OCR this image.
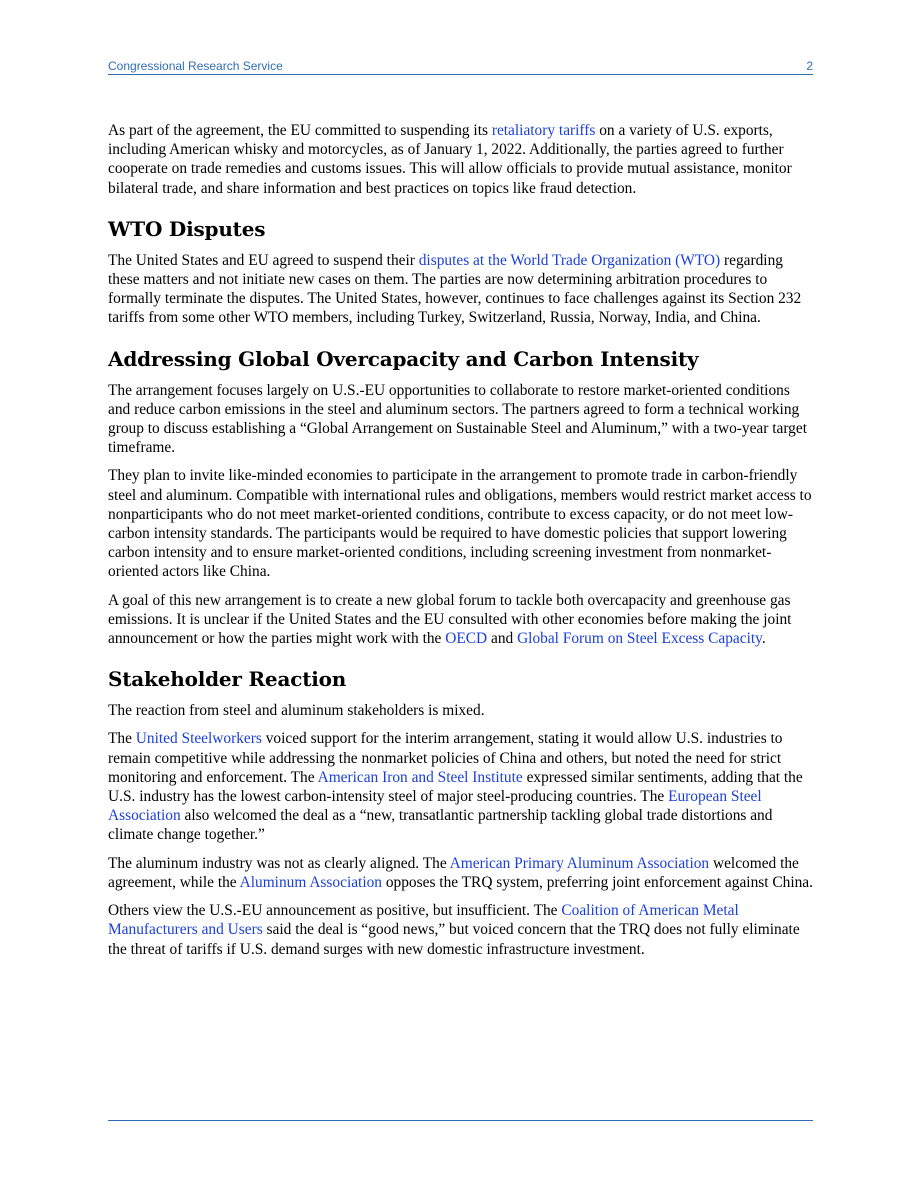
Congressional Research Service	2

As part of the agreement, the EU committed to suspending its retaliatory tariffs on a variety of U.S. exports, including American whisky and motorcycles, as of January 1, 2022. Additionally, the parties agreed to further cooperate on trade remedies and customs issues. This will allow officials to provide mutual assistance, monitor bilateral trade, and share information and best practices on topics like fraud detection.

WTO Disputes

The United States and EU agreed to suspend their disputes at the World Trade Organization (WTO) regarding these matters and not initiate new cases on them. The parties are now determining arbitration procedures to formally terminate the disputes. The United States, however, continues to face challenges against its Section 232 tariffs from some other WTO members, including Turkey, Switzerland, Russia, Norway, India, and China.

Addressing Global Overcapacity and Carbon Intensity

The arrangement focuses largely on U.S.-EU opportunities to collaborate to restore market-oriented conditions and reduce carbon emissions in the steel and aluminum sectors. The partners agreed to form a technical working group to discuss establishing a “Global Arrangement on Sustainable Steel and Aluminum,” with a two-year target timeframe.

They plan to invite like-minded economies to participate in the arrangement to promote trade in carbon-friendly steel and aluminum. Compatible with international rules and obligations, members would restrict market access to nonparticipants who do not meet market-oriented conditions, contribute to excess capacity, or do not meet low-carbon intensity standards. The participants would be required to have domestic policies that support lowering carbon intensity and to ensure market-oriented conditions, including screening investment from nonmarket-oriented actors like China.

A goal of this new arrangement is to create a new global forum to tackle both overcapacity and greenhouse gas emissions. It is unclear if the United States and the EU consulted with other economies before making the joint announcement or how the parties might work with the OECD and Global Forum on Steel Excess Capacity.

Stakeholder Reaction

The reaction from steel and aluminum stakeholders is mixed.

The United Steelworkers voiced support for the interim arrangement, stating it would allow U.S. industries to remain competitive while addressing the nonmarket policies of China and others, but noted the need for strict monitoring and enforcement. The American Iron and Steel Institute expressed similar sentiments, adding that the U.S. industry has the lowest carbon-intensity steel of major steel-producing countries. The European Steel Association also welcomed the deal as a “new, transatlantic partnership tackling global trade distortions and climate change together.”

The aluminum industry was not as clearly aligned. The American Primary Aluminum Association welcomed the agreement, while the Aluminum Association opposes the TRQ system, preferring joint enforcement against China.

Others view the U.S.-EU announcement as positive, but insufficient. The Coalition of American Metal Manufacturers and Users said the deal is “good news,” but voiced concern that the TRQ does not fully eliminate the threat of tariffs if U.S. demand surges with new domestic infrastructure investment.
